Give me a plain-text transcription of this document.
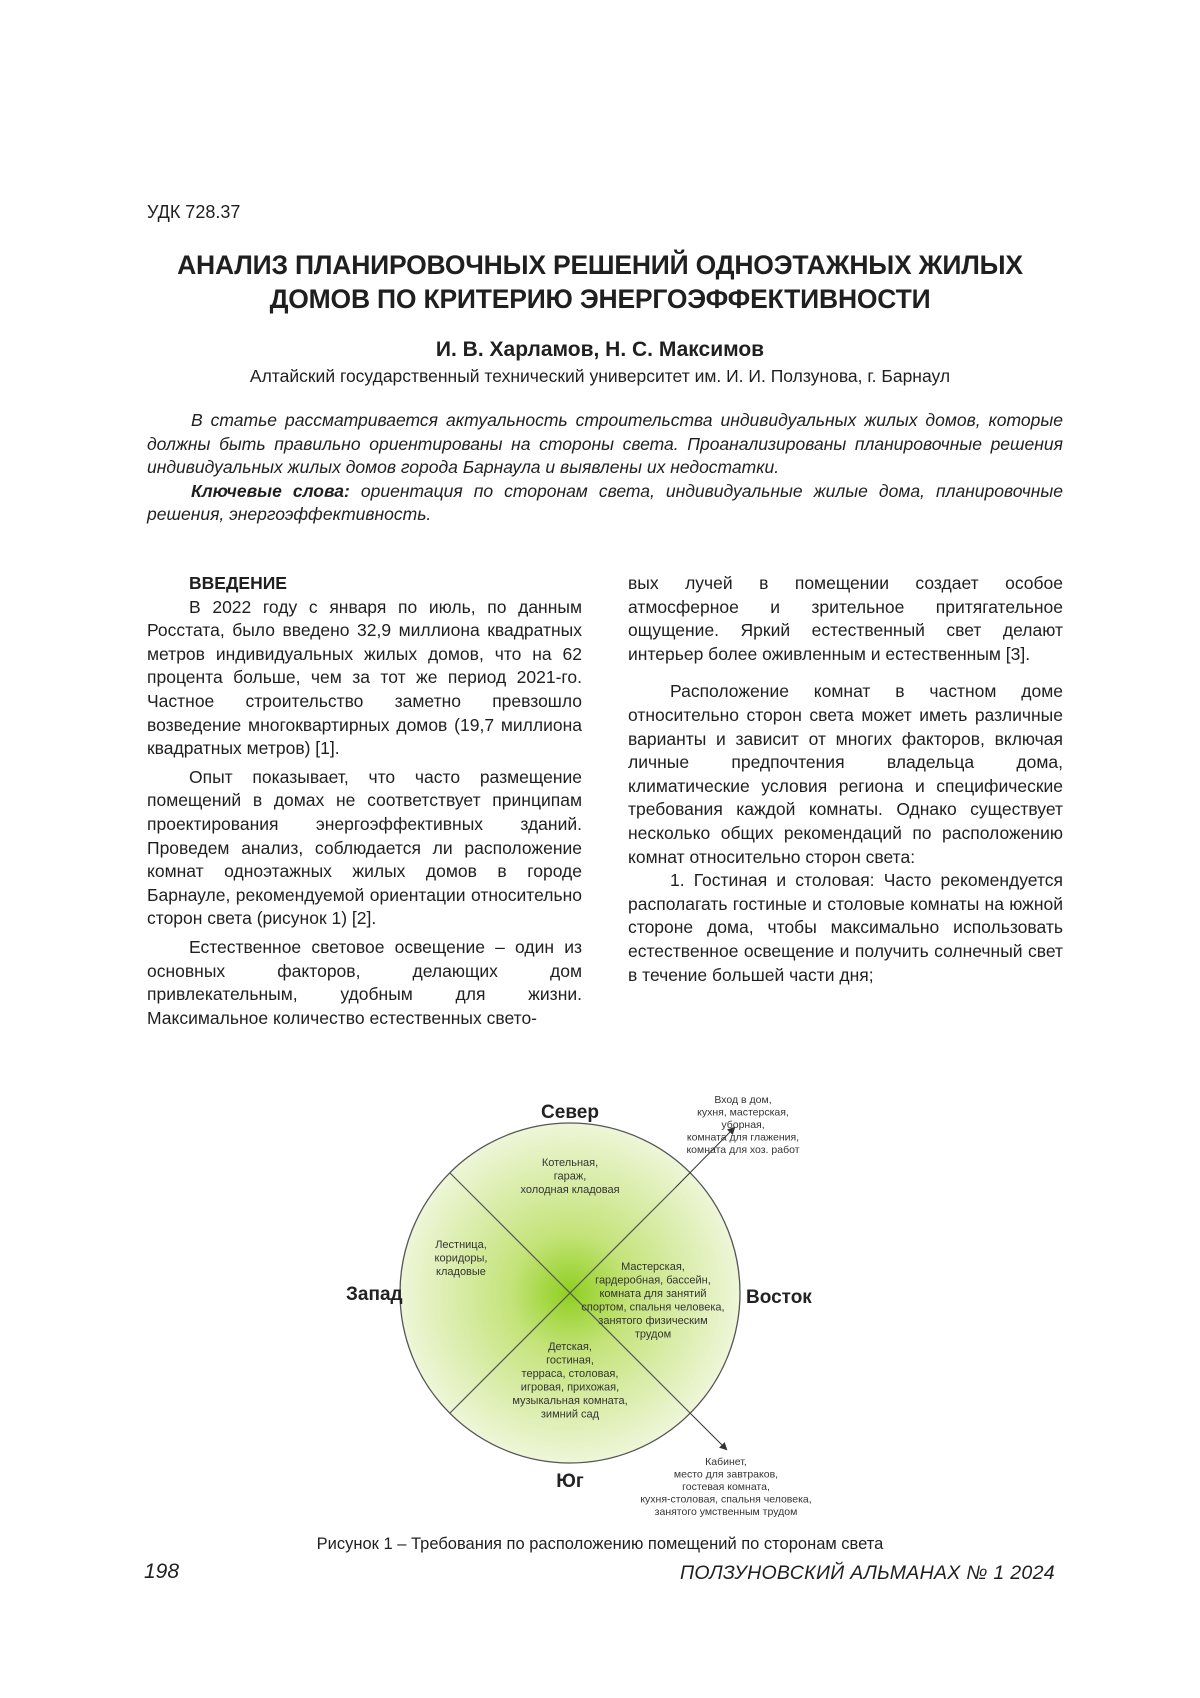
УДК 728.37
АНАЛИЗ ПЛАНИРОВОЧНЫХ РЕШЕНИЙ ОДНОЭТАЖНЫХ ЖИЛЫХ
ДОМОВ ПО КРИТЕРИЮ ЭНЕРГОЭФФЕКТИВНОСТИ
И. В. Харламов, Н. С. Максимов
Алтайский государственный технический университет им. И. И. Ползунова, г. Барнаул

В статье рассматривается актуальность строительства индивидуальных жилых домов, которые должны быть правильно ориентированы на стороны света. Проанализированы планировочные решения индивидуальных жилых домов города Барнаула и выявлены их недостатки.

Ключевые слова: ориентация по сторонам света, индивидуальные жилые дома, планировочные решения, энергоэффективность.

ВВЕДЕНИЕ

В 2022 году с января по июль, по данным Росстата, было введено 32,9 миллиона квадратных метров индивидуальных жилых домов, что на 62 процента больше, чем за тот же период 2021-го. Частное строительство заметно превзошло возведение многоквартирных домов (19,7 миллиона квадратных метров) [1].

Опыт показывает, что часто размещение помещений в домах не соответствует принципам проектирования энергоэффективных зданий. Проведем анализ, соблюдается ли расположение комнат одноэтажных жилых домов в городе Барнауле, рекомендуемой ориентации относительно сторон света (рисунок 1) [2].

Естественное световое освещение – один из основных факторов, делающих дом привлекательным, удобным для жизни. Максимальное количество естественных свето-

вых лучей в помещении создает особое атмосферное и зрительное притягательное ощущение. Яркий естественный свет делают интерьер более оживленным и естественным [3].

Расположение комнат в частном доме относительно сторон света может иметь различные варианты и зависит от многих факторов, включая личные предпочтения владельца дома, климатические условия региона и специфические требования каждой комнаты. Однако существует несколько общих рекомендаций по расположению комнат относительно сторон света:

1. Гостиная и столовая: Часто рекомендуется располагать гостиные и столовые комнаты на южной стороне дома, чтобы максимально использовать естественное освещение и получить солнечный свет в течение большей части дня;

Север
Юг
Запад	Восток
Котельная,
гараж,
холодная кладовая
Лестница,
коридоры,
кладовые	Мастерская,
гардеробная, бассейн,
комната для занятий
спортом, спальня человека,
занятого физическим
трудом
Детская,
гостиная,
терраса, столовая,
игровая, прихожая,
музыкальная комната,
зимний сад
Вход в дом,
кухня, мастерская,
уборная,
комната для глажения,
комната для хоз. работ
Кабинет,
место для завтраков,
гостевая комната,
кухня-столовая, спальня человека,
занятого умственным трудом
Рисунок 1 – Требования по расположению помещений по сторонам света
198	ПОЛЗУНОВСКИЙ АЛЬМАНАХ № 1 2024
